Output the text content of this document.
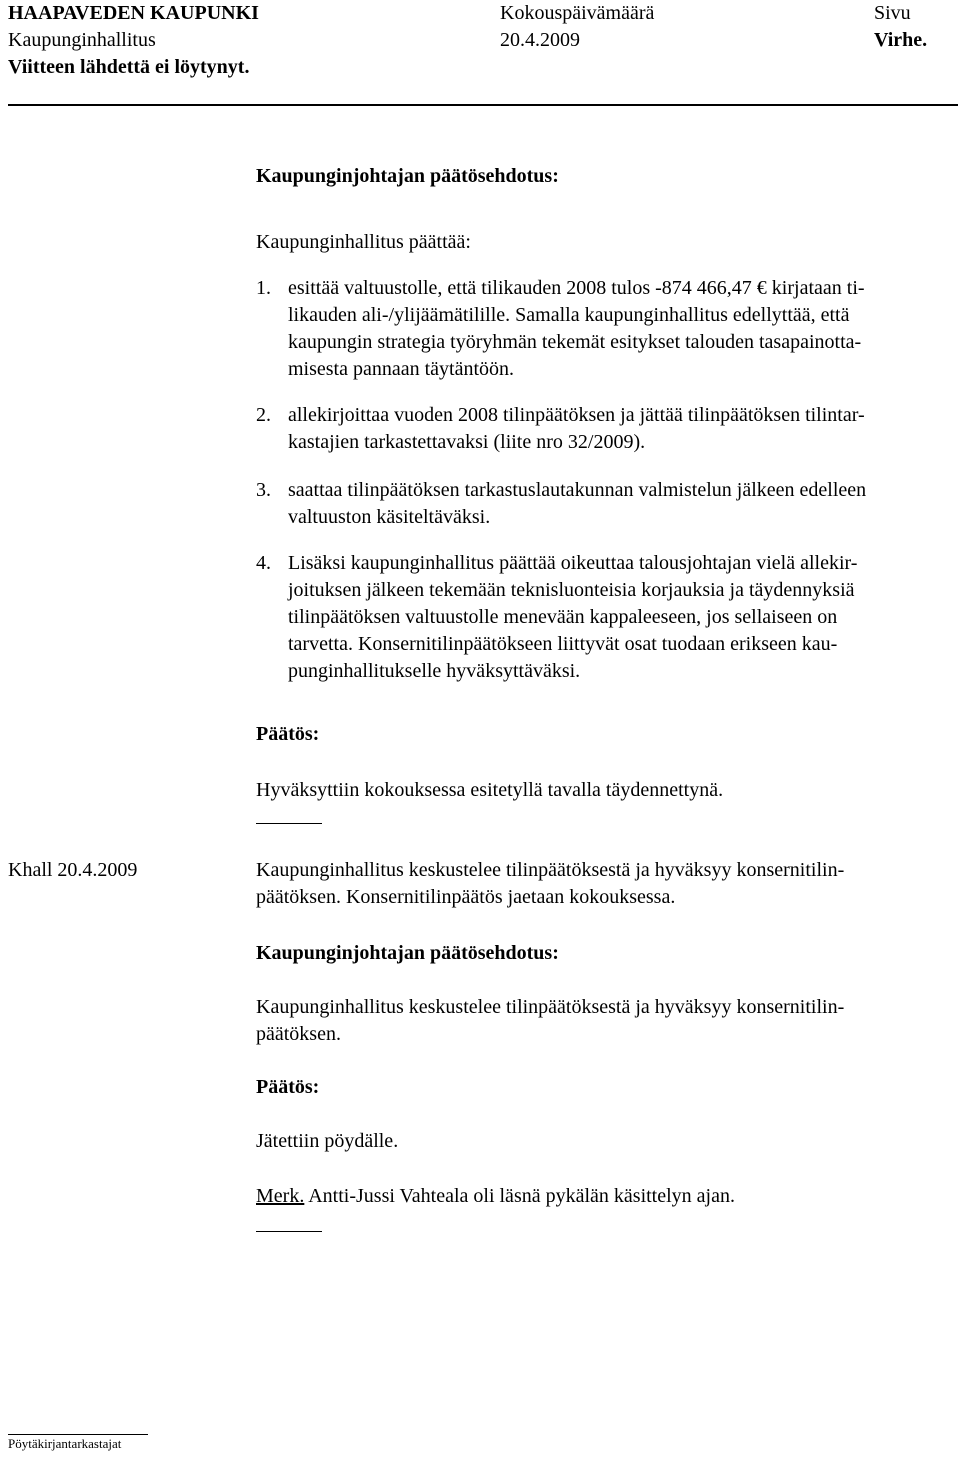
HAAPAVEDEN KAUPUNKI	Kokouspäivämäärä	Sivu
Kaupunginhallitus	20.4.2009	Virhe.
Viitteen lähdettä ei löytynyt.
Kaupunginjohtajan päätösehdotus:
Kaupunginhallitus päättää:
1. esittää valtuustolle, että tilikauden 2008 tulos -874 466,47 € kirjataan ti-
likauden ali-/ylijäämätilille. Samalla kaupunginhallitus edellyttää, että
kaupungin strategia työryhmän tekemät esitykset talouden tasapainotta-
misesta pannaan täytäntöön.
2. allekirjoittaa vuoden 2008 tilinpäätöksen ja jättää tilinpäätöksen tilintar-
kastajien tarkastettavaksi (liite nro 32/2009).
3. saattaa tilinpäätöksen tarkastuslautakunnan valmistelun jälkeen edelleen
valtuuston käsiteltäväksi.
4. Lisäksi kaupunginhallitus päättää oikeuttaa talousjohtajan vielä allekir-
joituksen jälkeen tekemään teknisluonteisia korjauksia ja täydennyksiä
tilinpäätöksen valtuustolle menevään kappaleeseen, jos sellaiseen on
tarvetta. Konsernitilinpäätökseen liittyvät osat tuodaan erikseen kau-
punginhallitukselle hyväksyttäväksi.
Päätös:
Hyväksyttiin kokouksessa esitetyllä tavalla täydennettynä.
Khall 20.4.2009	Kaupunginhallitus keskustelee tilinpäätöksestä ja hyväksyy konsernitilin-
päätöksen. Konsernitilinpäätös jaetaan kokouksessa.
Kaupunginjohtajan päätösehdotus:
Kaupunginhallitus keskustelee tilinpäätöksestä ja hyväksyy konsernitilin-
päätöksen.
Päätös:
Jätettiin pöydälle.
Merk. Antti-Jussi Vahteala oli läsnä pykälän käsittelyn ajan.
Pöytäkirjantarkastajat
